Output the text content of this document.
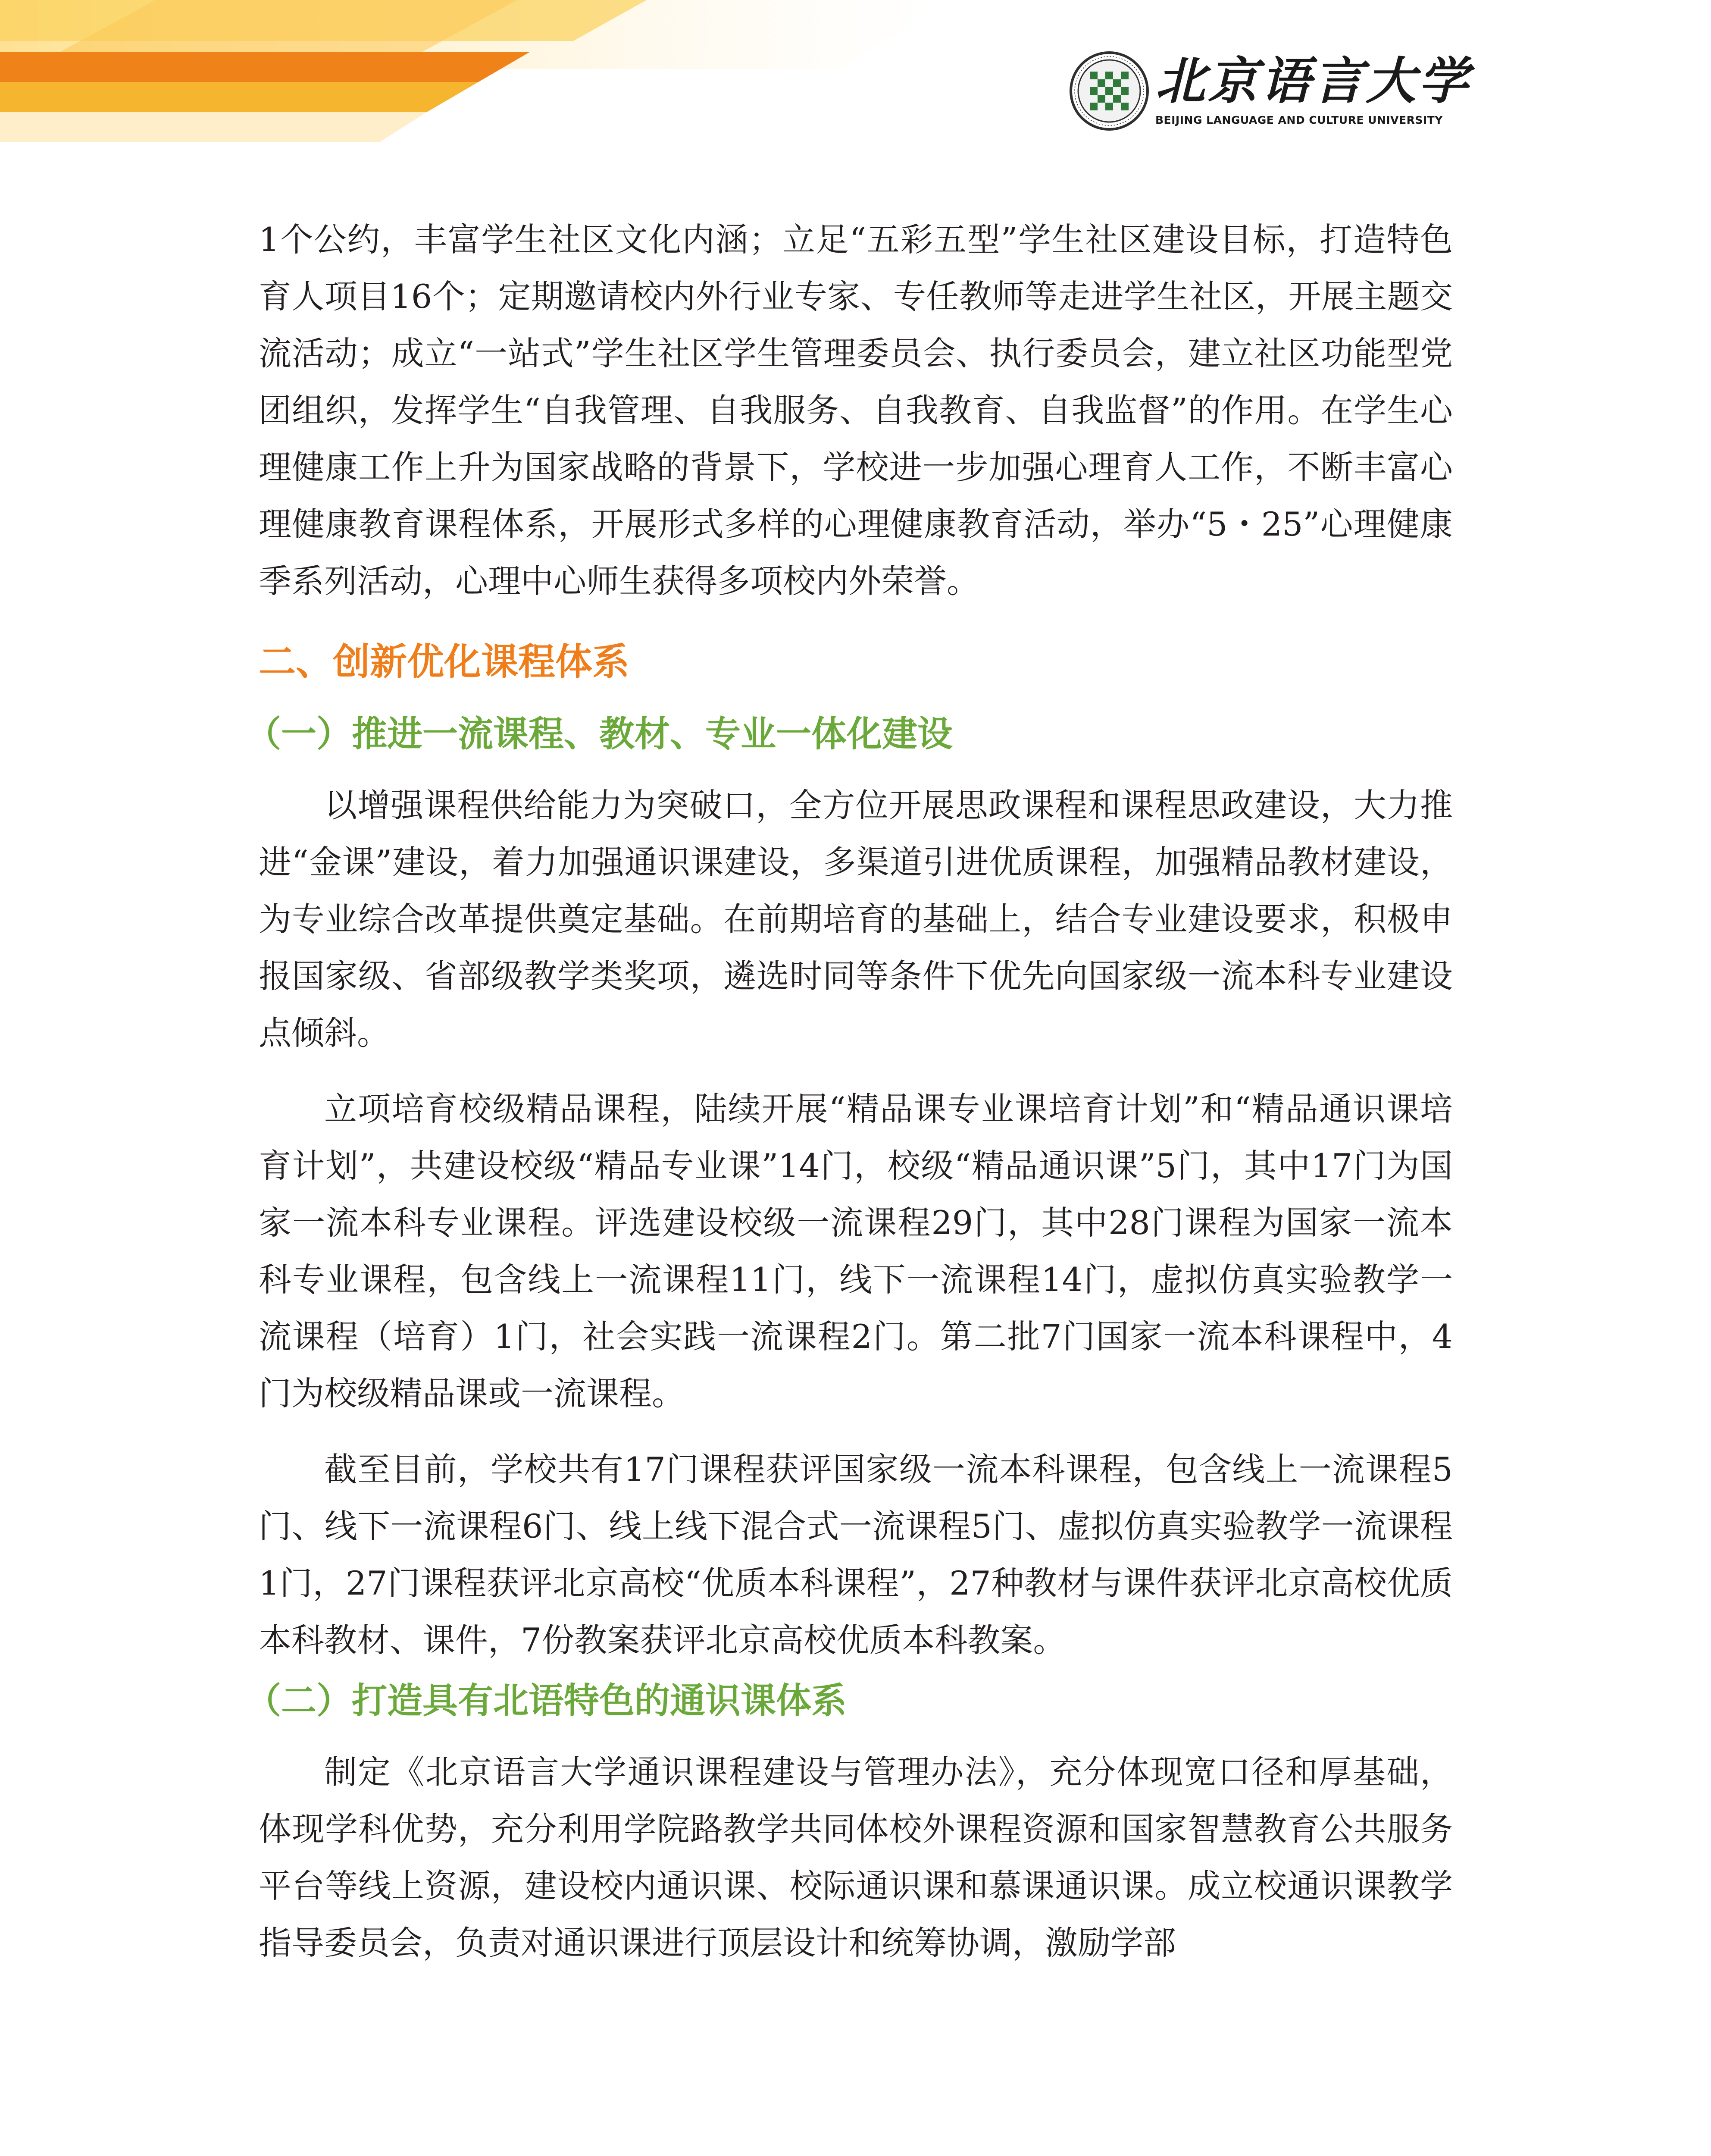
北京语言大学
BEIJING LANGUAGE AND CULTURE UNIVERSITY

1个公约，丰富学生社区文化内涵；立足“五彩五型”学生社区建设目标，打造特色育人项目16个；定期邀请校内外行业专家、专任教师等走进学生社区，开展主题交流活动；成立“一站式”学生社区学生管理委员会、执行委员会，建立社区功能型党团组织，发挥学生“自我管理、自我服务、自我教育、自我监督”的作用。在学生心理健康工作上升为国家战略的背景下，学校进一步加强心理育人工作，不断丰富心理健康教育课程体系，开展形式多样的心理健康教育活动，举办“5・25”心理健康季系列活动，心理中心师生获得多项校内外荣誉。

二、创新优化课程体系
（一）推进一流课程、教材、专业一体化建设

以增强课程供给能力为突破口，全方位开展思政课程和课程思政建设，大力推进“金课”建设，着力加强通识课建设，多渠道引进优质课程，加强精品教材建设，为专业综合改革提供奠定基础。在前期培育的基础上，结合专业建设要求，积极申报国家级、省部级教学类奖项，遴选时同等条件下优先向国家级一流本科专业建设点倾斜。

立项培育校级精品课程，陆续开展“精品课专业课培育计划”和“精品通识课培育计划”，共建设校级“精品专业课”14门，校级“精品通识课”5门，其中17门为国家一流本科专业课程。评选建设校级一流课程29门，其中28门课程为国家一流本科专业课程，包含线上一流课程11门，线下一流课程14门，虚拟仿真实验教学一流课程（培育）1门，社会实践一流课程2门。第二批7门国家一流本科课程中，4门为校级精品课或一流课程。

截至目前，学校共有17门课程获评国家级一流本科课程，包含线上一流课程5门、线下一流课程6门、线上线下混合式一流课程5门、虚拟仿真实验教学一流课程1门，27门课程获评北京高校“优质本科课程”，27种教材与课件获评北京高校优质本科教材、课件，7份教案获评北京高校优质本科教案。

（二）打造具有北语特色的通识课体系

制定《北京语言大学通识课程建设与管理办法》，充分体现宽口径和厚基础，体现学科优势，充分利用学院路教学共同体校外课程资源和国家智慧教育公共服务平台等线上资源，建设校内通识课、校际通识课和慕课通识课。成立校通识课教学指导委员会，负责对通识课进行顶层设计和统筹协调，激励学部
